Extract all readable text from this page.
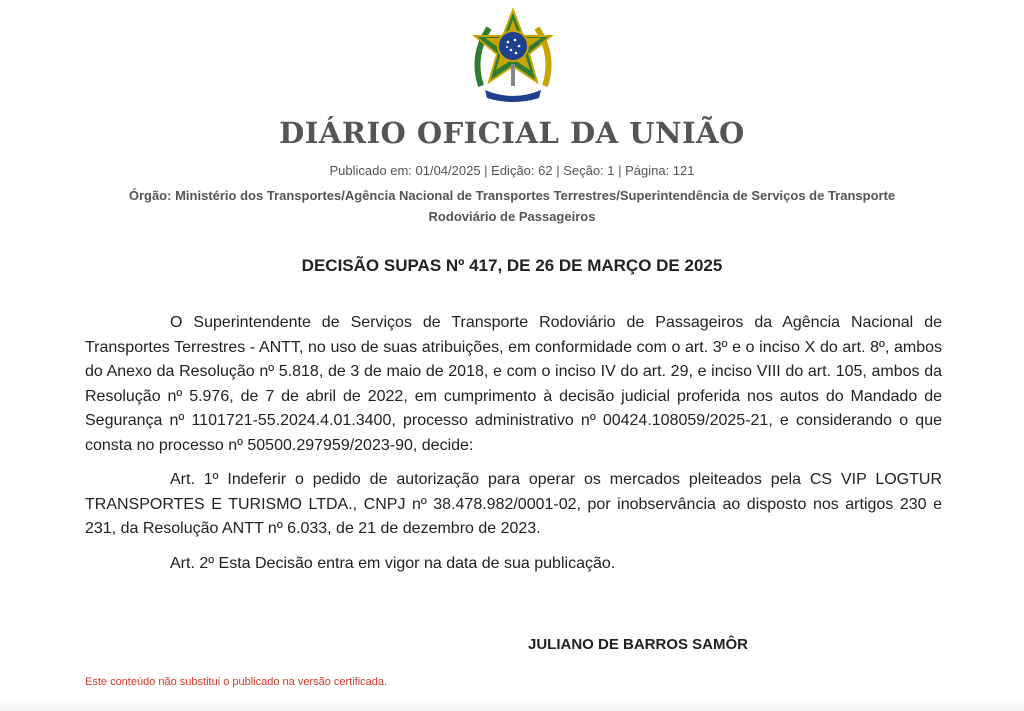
DIÁRIO OFICIAL DA UNIÃO
Publicado em: 01/04/2025 | Edição: 62 | Seção: 1 | Página: 121
Órgão: Ministério dos Transportes/Agência Nacional de Transportes Terrestres/Superintendência de Serviços de Transporte Rodoviário de Passageiros
DECISÃO SUPAS Nº 417, DE 26 DE MARÇO DE 2025

O Superintendente de Serviços de Transporte Rodoviário de Passageiros da Agência Nacional de Transportes Terrestres - ANTT, no uso de suas atribuições, em conformidade com o art. 3º e o inciso X do art. 8º, ambos do Anexo da Resolução nº 5.818, de 3 de maio de 2018, e com o inciso IV do art. 29, e inciso VIII do art. 105, ambos da Resolução nº 5.976, de 7 de abril de 2022, em cumprimento à decisão judicial proferida nos autos do Mandado de Segurança nº 1101721-55.2024.4.01.3400, processo administrativo nº 00424.108059/2025-21, e considerando o que consta no processo nº 50500.297959/2023-90, decide:

Art. 1º Indeferir o pedido de autorização para operar os mercados pleiteados pela CS VIP LOGTUR TRANSPORTES E TURISMO LTDA., CNPJ nº 38.478.982/0001-02, por inobservância ao disposto nos artigos 230 e 231, da Resolução ANTT nº 6.033, de 21 de dezembro de 2023.

Art. 2º Esta Decisão entra em vigor na data de sua publicação.

JULIANO DE BARROS SAMÔR
Este conteúdo não substitui o publicado na versão certificada.
